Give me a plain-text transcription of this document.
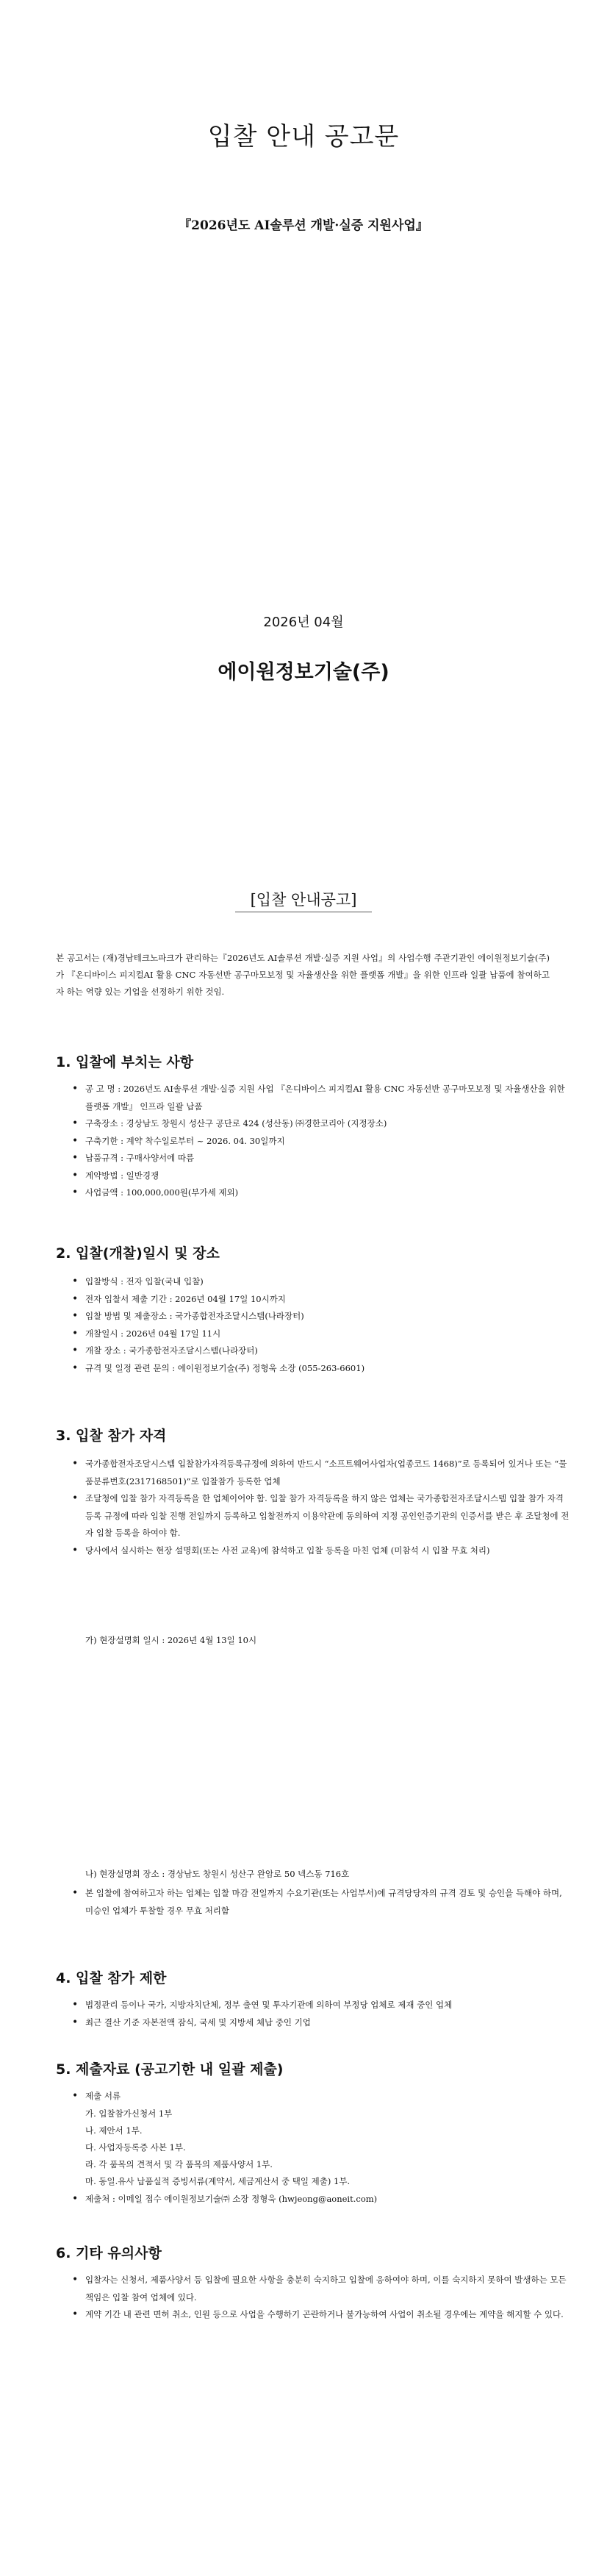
입찰 안내 공고문
『2026년도 AI솔루션 개발·실증 지원사업』
2026년 04월
에이원정보기술(주)
[입찰 안내공고]
본 공고서는 (재)경남테크노파크가 관리하는『2026년도 AI솔루션 개발·실증 지원 사업』의 사업수행 주관기관인 에이원정보기술(주)가 『온디바이스 피지컬AI 활용 CNC 자동선반 공구마모보정 및 자율생산을 위한 플랫폼 개발』을 위한 인프라 일괄 납품에 참여하고자 하는 역량 있는 기업을 선정하기 위한 것임.
1. 입찰에 부치는 사항
• 공 고 명 : 2026년도 AI솔루션 개발·실증 지원 사업 『온디바이스 피지컬AI 활용 CNC 자동선반 공구마모보정 및 자율생산을 위한 플랫폼 개발』 인프라 일괄 납품
• 구축장소 : 경상남도 창원시 성산구 공단로 424 (성산동) ㈜경한코리아 (지정장소)
• 구축기한 : 계약 착수일로부터 ~ 2026. 04. 30일까지
• 납품규격 : 구매사양서에 따름
• 계약방법 : 일반경쟁
• 사업금액 : 100,000,000원(부가세 제외)
2. 입찰(개찰)일시 및 장소
• 입찰방식 : 전자 입찰(국내 입찰)
• 전자 입찰서 제출 기간 : 2026년 04월 17일 10시까지
• 입찰 방법 및 제출장소 : 국가종합전자조달시스템(나라장터)
• 개찰일시 : 2026년 04월 17일 11시
• 개찰 장소 : 국가종합전자조달시스템(나라장터)
• 규격 및 일정 관련 문의 : 에이원정보기술(주) 정형욱 소장 (055-263-6601)
3. 입찰 참가 자격
• 국가종합전자조달시스템 입찰참가자격등록규정에 의하여 반드시 “소프트웨어사업자(업종코드 1468)”로 등록되어 있거나 또는 “물품분류번호(2317168501)”로 입찰참가 등록한 업체
• 조달청에 입찰 참가 자격등록을 한 업체이어야 함. 입찰 참가 자격등록을 하지 않은 업체는 국가종합전자조달시스템 입찰 참가 자격 등록 규정에 따라 입찰 진행 전일까지 등록하고 입찰전까지 이용약관에 동의하여 지정 공인인증기관의 인증서를 받은 후 조달청에 전자 입찰 등록을 하여야 함.
• 당사에서 실시하는 현장 설명회(또는 사전 교육)에 참석하고 입찰 등록을 마친 업체 (미참석 시 입찰 무효 처리)
가) 현장설명회 일시 : 2026년 4월 13일 10시
나) 현장설명회 장소 : 경상남도 창원시 성산구 완암로 50 넥스동 716호
• 본 입찰에 참여하고자 하는 업체는 입찰 마감 전일까지 수요기관(또는 사업부서)에 규격당당자의 규격 검토 및 승인을 득해야 하며, 미승인 업체가 투찰할 경우 무효 처리함
4. 입찰 참가 제한
• 법정관리 등이나 국가, 지방자치단체, 정부 출연 및 투자기관에 의하여 부정당 업체로 제재 중인 업체
• 최근 결산 기준 자본전액 잠식, 국세 및 지방세 체납 중인 기업
5. 제출자료 (공고기한 내 일괄 제출)
• 제출 서류
가. 입찰참가신청서 1부
나. 제안서 1부.
다. 사업자등록증 사본 1부.
라. 각 품목의 견적서 및 각 품목의 제품사양서 1부.
마. 동일.유사 납품실적 증빙서류(계약서, 세금계산서 중 택일 제출) 1부.
• 제출처 : 이메일 접수 에이원정보기술㈜ 소장 정형욱 (hwjeong@aoneit.com)
6. 기타 유의사항
• 입찰자는 신청서, 제품사양서 등 입찰에 필요한 사항을 충분히 숙지하고 입찰에 응하여야 하며, 이를 숙지하지 못하여 발생하는 모든 책임은 입찰 참여 업체에 있다.
• 계약 기간 내 관련 면허 취소, 인원 등으로 사업을 수행하기 곤란하거나 불가능하여 사업이 취소될 경우에는 계약을 해지할 수 있다.
